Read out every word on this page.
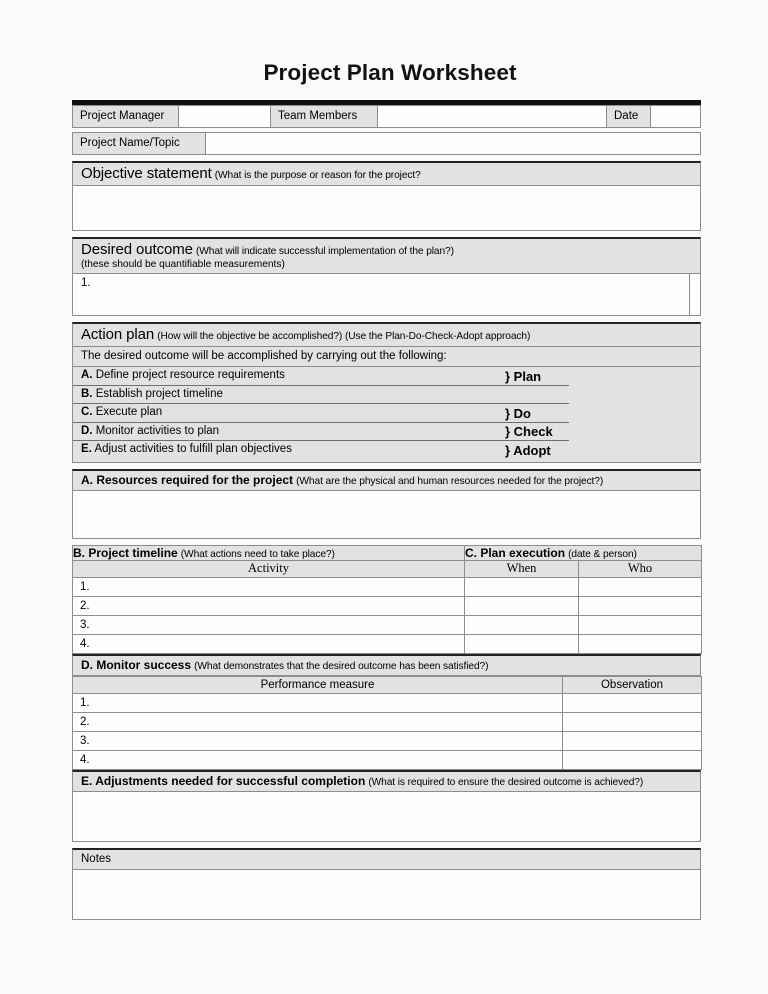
Project Plan Worksheet
Project Manager	Team Members	Date
Project Name/Topic
Objective statement (What is the purpose or reason for the project?
Desired outcome (What will indicate successful implementation of the plan?)
(these should be quantifiable measurements)
1.
Action plan (How will the objective be accomplished?) (Use the Plan-Do-Check-Adopt approach)
The desired outcome will be accomplished by carrying out the following:
A. Define project resource requirements	} Plan
B. Establish project timeline
C. Execute plan	} Do
D. Monitor activities to plan	} Check
E. Adjust activities to fulfill plan objectives	} Adopt
A. Resources required for the project (What are the physical and human resources needed for the project?)
B. Project timeline (What actions need to take place?)	C. Plan execution (date & person)	
Activity	When	Who

1.		

2.		

3.		

4.		

D. Monitor success (What demonstrates that the desired outcome has been satisfied?)
Performance measure	Observation

1.	

2.	

3.	

4.	

E. Adjustments needed for successful completion (What is required to ensure the desired outcome is achieved?)
Notes
